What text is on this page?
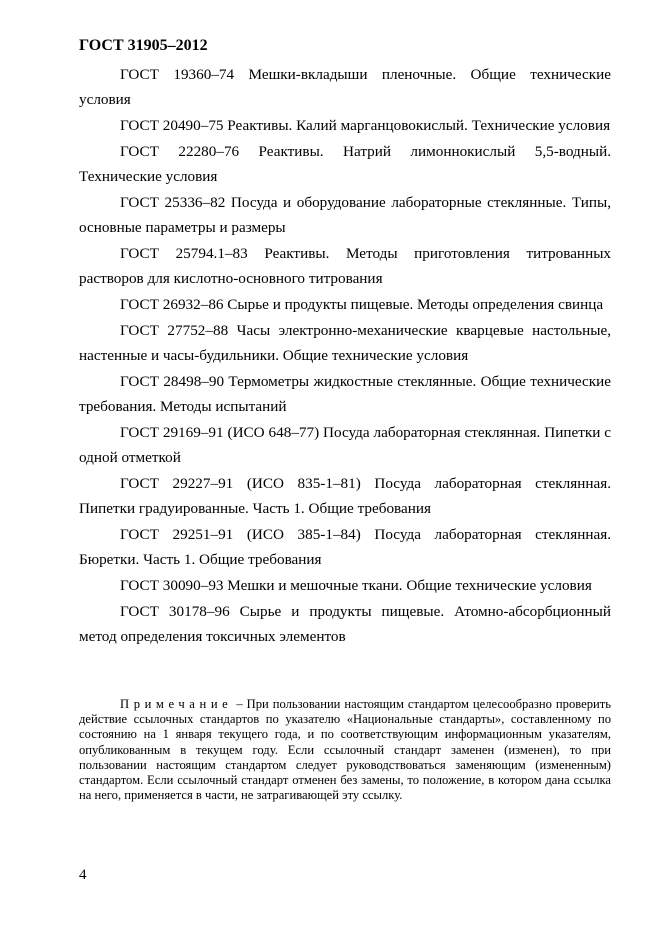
ГОСТ 31905–2012

ГОСТ 19360–74 Мешки-вкладыши пленочные. Общие технические условия

ГОСТ 20490–75 Реактивы. Калий марганцовокислый. Технические условия

ГОСТ 22280–76 Реактивы. Натрий лимоннокислый 5,5-водный. Технические условия

ГОСТ 25336–82 Посуда и оборудование лабораторные стеклянные. Типы, основные параметры и размеры

ГОСТ 25794.1–83 Реактивы. Методы приготовления титрованных растворов для кислотно-основного титрования

ГОСТ 26932–86 Сырье и продукты пищевые. Методы определения свинца

ГОСТ 27752–88 Часы электронно-механические кварцевые настольные, настенные и часы-будильники. Общие технические условия

ГОСТ 28498–90 Термометры жидкостные стеклянные. Общие технические требования. Методы испытаний

ГОСТ 29169–91 (ИСО 648–77) Посуда лабораторная стеклянная. Пипетки с одной отметкой

ГОСТ 29227–91 (ИСО 835-1–81) Посуда лабораторная стеклянная. Пипетки градуированные. Часть 1. Общие требования

ГОСТ 29251–91 (ИСО 385-1–84) Посуда лабораторная стеклянная. Бюретки. Часть 1. Общие требования

ГОСТ 30090–93 Мешки и мешочные ткани. Общие технические условия

ГОСТ 30178–96 Сырье и продукты пищевые. Атомно-абсорбционный метод определения токсичных элементов

Примечание – При пользовании настоящим стандартом целесообразно проверить действие ссылочных стандартов по указателю «Национальные стандарты», составленному по состоянию на 1 января текущего года, и по соответствующим информационным указателям, опубликованным в текущем году. Если ссылочный стандарт заменен (изменен), то при пользовании настоящим стандартом следует руководствоваться заменяющим (измененным) стандартом. Если ссылочный стандарт отменен без замены, то положение, в котором дана ссылка на него, применяется в части, не затрагивающей эту ссылку.

4
